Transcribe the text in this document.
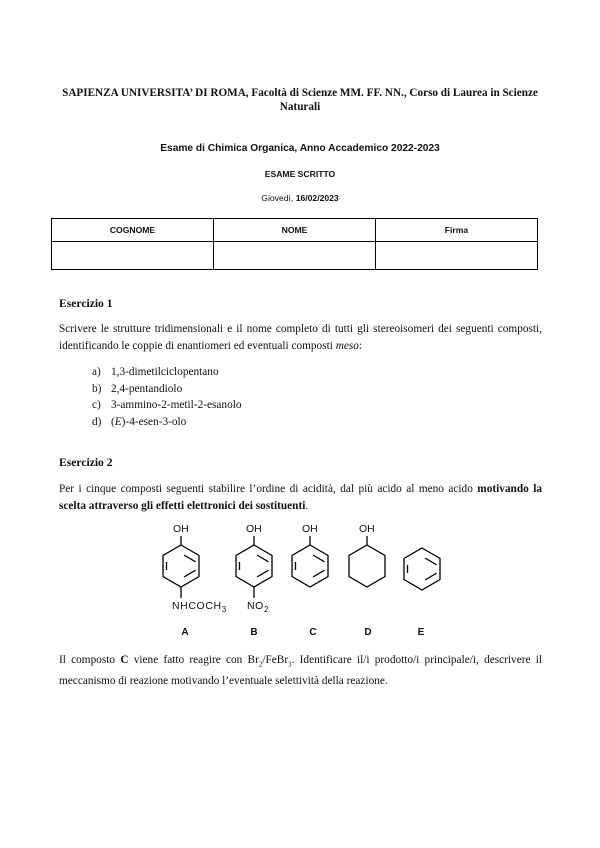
SAPIENZA UNIVERSITA’ DI ROMA, Facoltà di Scienze MM. FF. NN., Corso di Laurea in Scienze Naturali
Esame di Chimica Organica, Anno Accademico 2022-2023
ESAME SCRITTO
Giovedì, 16/02/2023
COGNOME	NOME	Firma

Esercizio 1
Scrivere le strutture tridimensionali e il nome completo di tutti gli stereoisomeri dei seguenti composti, identificando le coppie di enantiomeri ed eventuali composti meso:
a) 1,3-dimetilciclopentano
b) 2,4-pentandiolo
c) 3-ammino-2-metil-2-esanolo
d) (E)-4-esen-3-olo
Esercizio 2
Per i cinque composti seguenti stabilire l’ordine di acidità, dal più acido al meno acido motivando la scelta attraverso gli effetti elettronici dei sostituenti.
OH	OH	OH	OH
$NHCOCH_3$ $NO_2$
A	B	C	D	E
Il composto C viene fatto reagire con $Br_2/FeBr_3$. Identificare il/i prodotto/i principale/i, descrivere il meccanismo di reazione motivando l’eventuale selettività della reazione.
